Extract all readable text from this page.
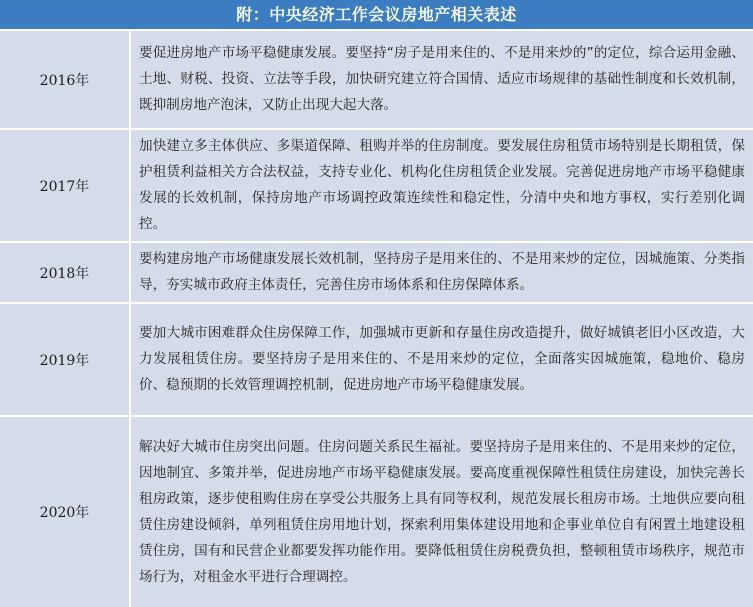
附：中央经济工作会议房地产相关表述
2016年	要促进房地产市场平稳健康发展。要坚持“房子是用来住的、不是用来炒的”的定位，综合运用金融、土地、财税、投资、立法等手段，加快研究建立符合国情、适应市场规律的基础性制度和长效机制，既抑制房地产泡沫，又防止出现大起大落。
2017年	加快建立多主体供应、多渠道保障、租购并举的住房制度。要发展住房租赁市场特别是长期租赁，保护租赁利益相关方合法权益，支持专业化、机构化住房租赁企业发展。完善促进房地产市场平稳健康发展的长效机制，保持房地产市场调控政策连续性和稳定性，分清中央和地方事权，实行差别化调控。
2018年	要构建房地产市场健康发展长效机制，坚持房子是用来住的、不是用来炒的定位，因城施策、分类指导，夯实城市政府主体责任，完善住房市场体系和住房保障体系。
2019年	要加大城市困难群众住房保障工作，加强城市更新和存量住房改造提升，做好城镇老旧小区改造，大力发展租赁住房。要坚持房子是用来住的、不是用来炒的定位，全面落实因城施策，稳地价、稳房价、稳预期的长效管理调控机制，促进房地产市场平稳健康发展。
2020年	解决好大城市住房突出问题。住房问题关系民生福祉。要坚持房子是用来住的、不是用来炒的定位，因地制宜、多策并举，促进房地产市场平稳健康发展。要高度重视保障性租赁住房建设，加快完善长租房政策，逐步使租购住房在享受公共服务上具有同等权利，规范发展长租房市场。土地供应要向租赁住房建设倾斜，单列租赁住房用地计划，探索利用集体建设用地和企事业单位自有闲置土地建设租赁住房，国有和民营企业都要发挥功能作用。要降低租赁住房税费负担，整顿租赁市场秩序，规范市场行为，对租金水平进行合理调控。
